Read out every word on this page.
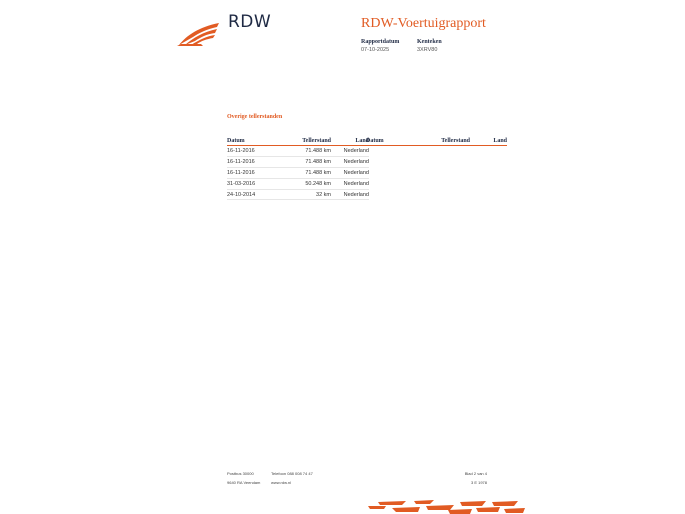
RDW	RDW-Voertuigrapport
Rapportdatum
07-10-2025
Kenteken
3XRV80
Overige tellerstanden
Datum	Tellerstand	Land
16-11-2016	71.488 km	Nederland
16-11-2016	71.488 km	Nederland
16-11-2016	71.488 km	Nederland
31-03-2016	50.248 km	Nederland
24-10-2014	32 km	Nederland
Datum	Tellerstand	Land
Postbus 30000
9640 RA Veendam
Telefoon 088 008 74 47
www.rdw.nl
Blad 2 van 4
3 E 1978
